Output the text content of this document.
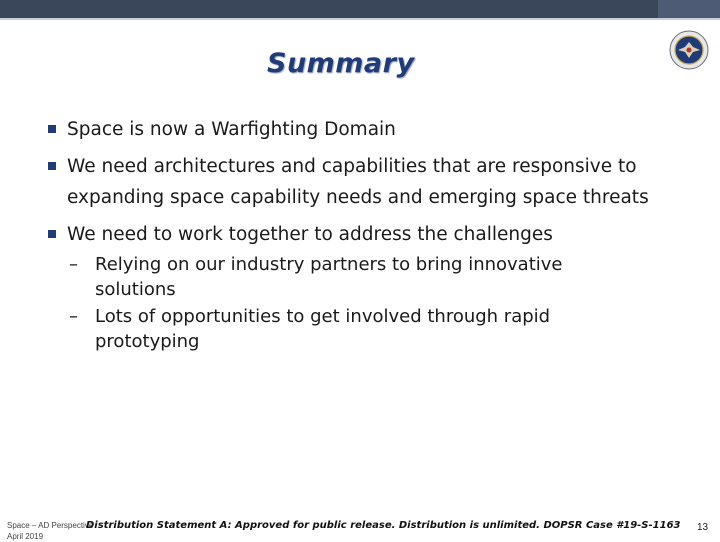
Summary
Space is now a Warfighting Domain
We need architectures and capabilities that are responsive to expanding space capability needs and emerging space threats
We need to work together to address the challenges
– Relying on our industry partners to bring innovative solutions
– Lots of opportunities to get involved through rapid prototyping
Space – AD Perspective
April 2019
Distribution Statement A: Approved for public release. Distribution is unlimited. DOPSR Case #19-S-1163 13
